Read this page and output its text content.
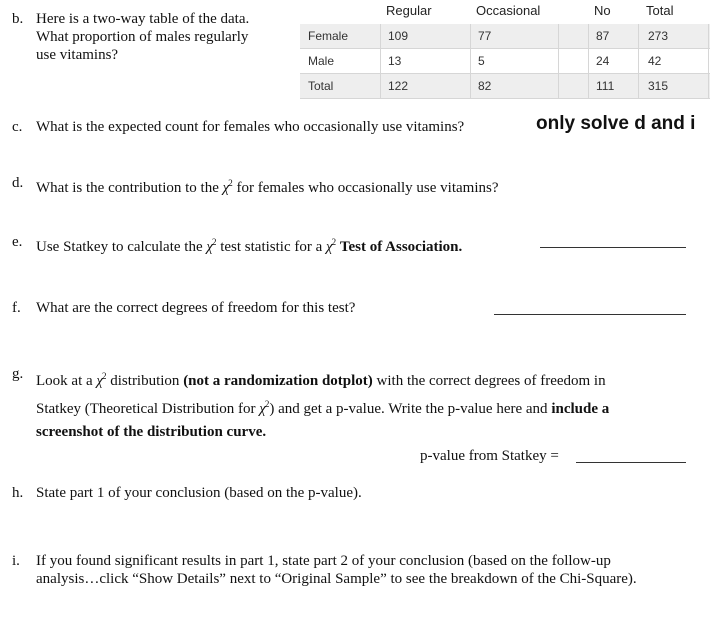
b. Here is a two-way table of the data.
What proportion of males regularly
use vitamins?
Regular	Occasional	No	Total
Female	109	77	87	273
Male	13	5	24	42
Total	122	82	111	315
c. What is the expected count for females who occasionally use vitamins?	only solve d and i
d. What is the contribution to the $\chi^2$ for females who occasionally use vitamins?
e. Use Statkey to calculate the $\chi^2$ test statistic for a $\chi^2$ Test of Association.
f. What are the correct degrees of freedom for this test?
g. Look at a $\chi^2$ distribution (not a randomization dotplot) with the correct degrees of freedom in
Statkey (Theoretical Distribution for $\chi^2$) and get a p-value. Write the p-value here and include a
screenshot of the distribution curve.
p-value from Statkey =
h. State part 1 of your conclusion (based on the p-value).
i. If you found significant results in part 1, state part 2 of your conclusion (based on the follow-up
analysis…click “Show Details” next to “Original Sample” to see the breakdown of the Chi-Square).
